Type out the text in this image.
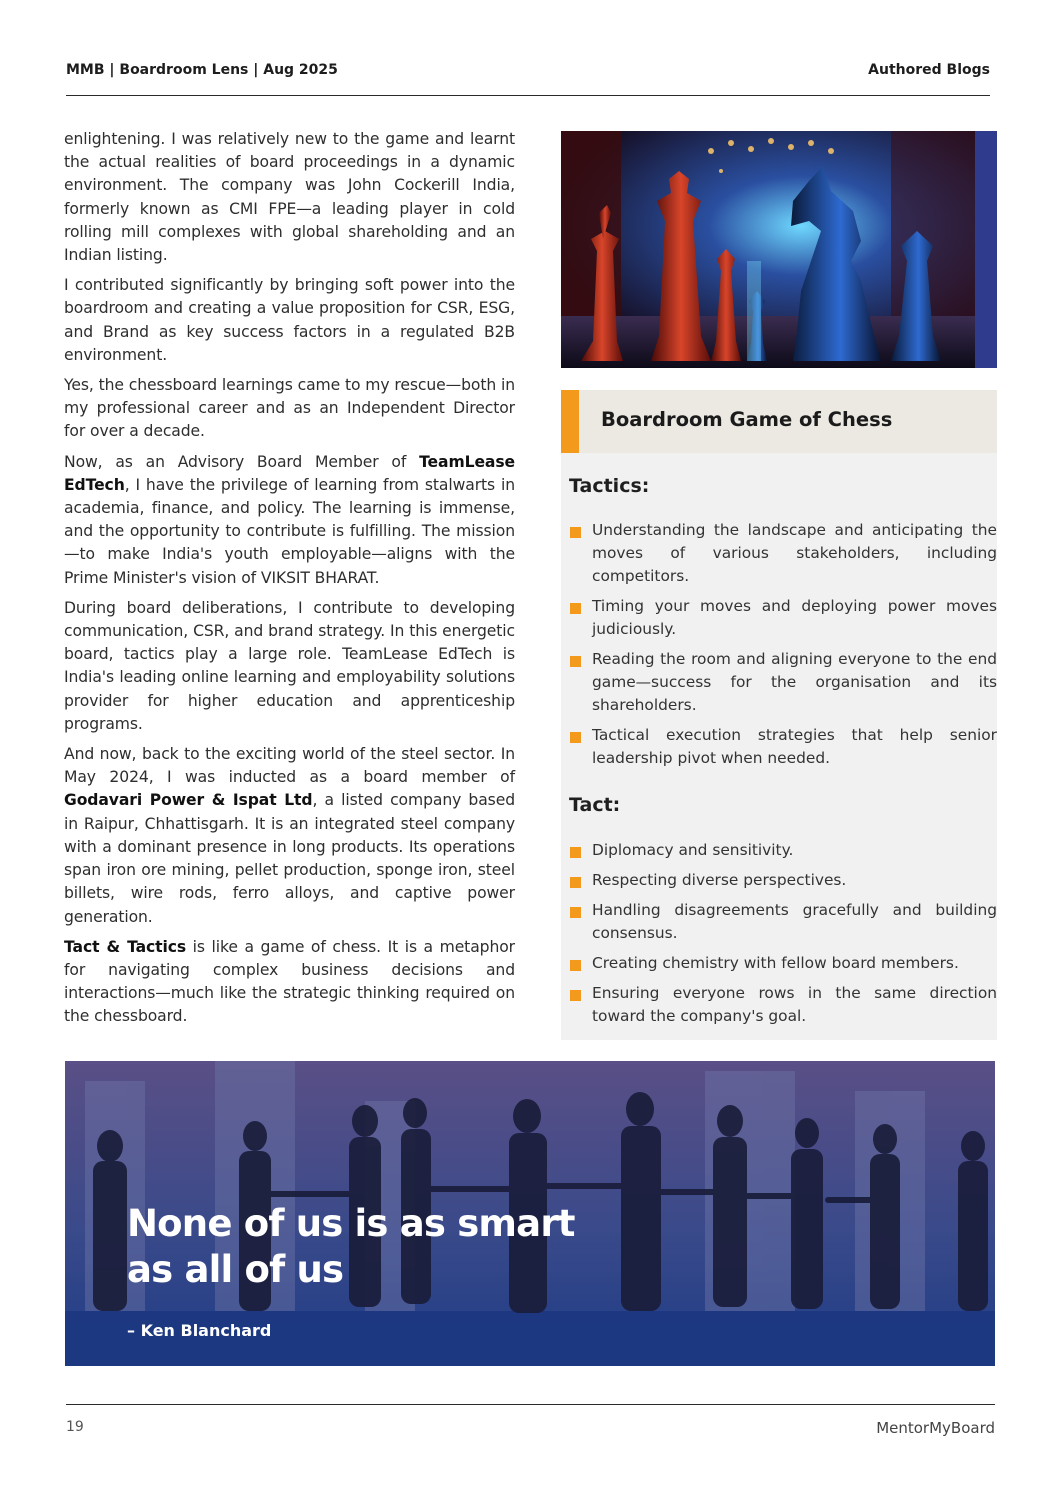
MMB | Boardroom Lens | Aug 2025	Authored Blogs

enlightening. I was relatively new to the game and learnt the actual realities of board proceedings in a dynamic environment. The company was John Cockerill India, formerly known as CMI FPE—a leading player in cold rolling mill complexes with global shareholding and an Indian listing.

I contributed significantly by bringing soft power into the boardroom and creating a value proposition for CSR, ESG, and Brand as key success factors in a regulated B2B environment.

Yes, the chessboard learnings came to my rescue—both in my professional career and as an Independent Director for over a decade.

Now, as an Advisory Board Member of TeamLease EdTech, I have the privilege of learning from stalwarts in academia, finance, and policy. The learning is immense, and the opportunity to contribute is fulfilling. The mission—to make India's youth employable—aligns with the Prime Minister's vision of VIKSIT BHARAT.

During board deliberations, I contribute to developing communication, CSR, and brand strategy. In this energetic board, tactics play a large role. TeamLease EdTech is India's leading online learning and employability solutions provider for higher education and apprenticeship programs.

And now, back to the exciting world of the steel sector. In May 2024, I was inducted as a board member of Godavari Power & Ispat Ltd, a listed company based in Raipur, Chhattisgarh. It is an integrated steel company with a dominant presence in long products. Its operations span iron ore mining, pellet production, sponge iron, steel billets, wire rods, ferro alloys, and captive power generation.

Tact & Tactics is like a game of chess. It is a metaphor for navigating complex business decisions and interactions—much like the strategic thinking required on the chessboard.

Boardroom Game of Chess
Tactics:
Understanding the landscape and anticipating the moves of various stakeholders, including competitors.
Timing your moves and deploying power moves judiciously.
Reading the room and aligning everyone to the end game—success for the organisation and its shareholders.
Tactical execution strategies that help senior leadership pivot when needed.
Tact:
Diplomacy and sensitivity.
Respecting diverse perspectives.
Handling disagreements gracefully and building consensus.
Creating chemistry with fellow board members.
Ensuring everyone rows in the same direction toward the company's goal.
None of us is as smart
as all of us
– Ken Blanchard
19	MentorMyBoard
